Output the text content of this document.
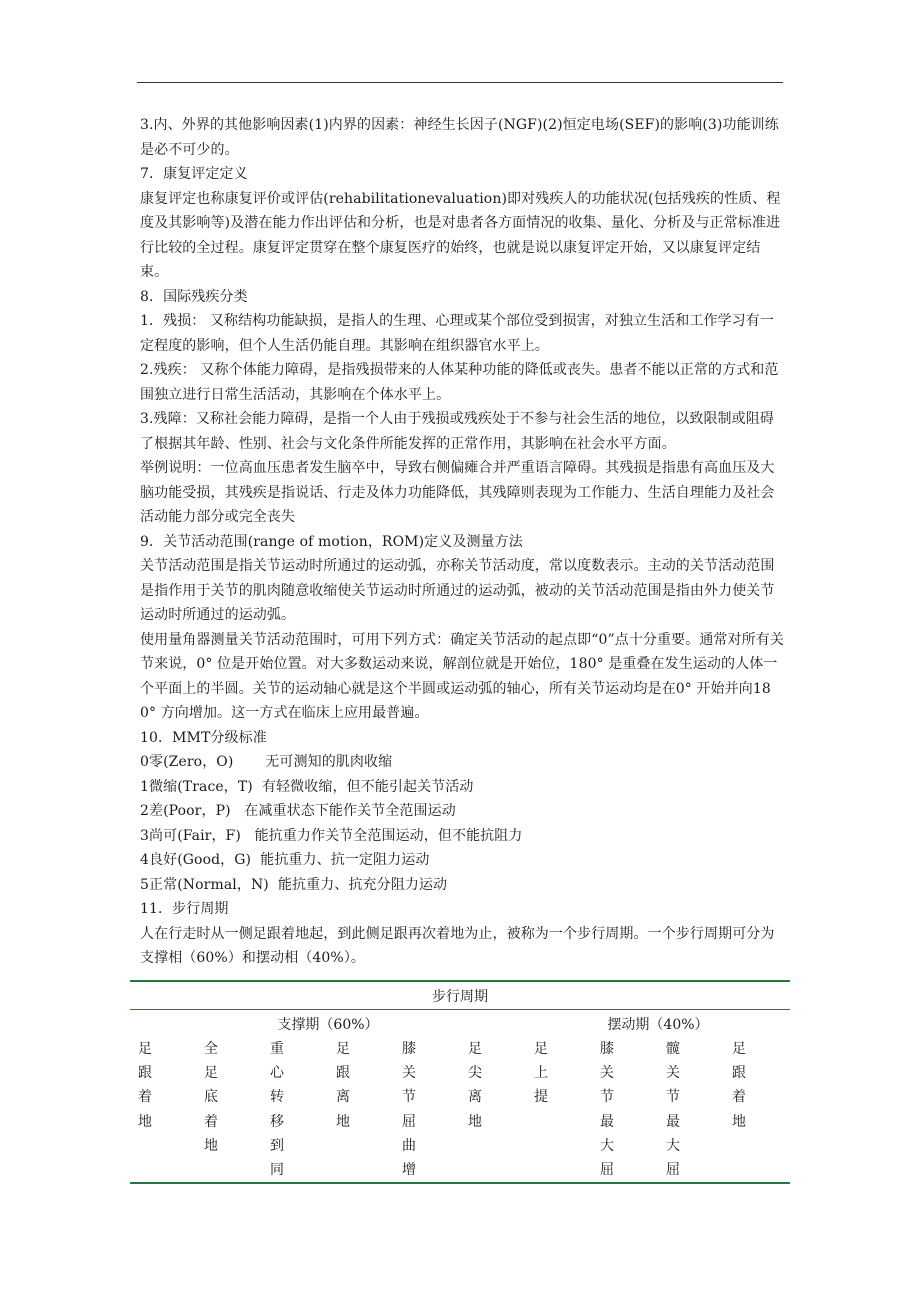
3.内、外界的其他影响因素(1)内界的因素：神经生长因子(NGF)(2)恒定电场(SEF)的影响(3)功能训练是必不可少的。

7．康复评定定义

康复评定也称康复评价或评估(rehabilitationevaluation)即对残疾人的功能状况(包括残疾的性质、程度及其影响等)及潜在能力作出评估和分析，也是对患者各方面情况的收集、量化、分析及与正常标准进行比较的全过程。康复评定贯穿在整个康复医疗的始终，也就是说以康复评定开始，又以康复评定结束。

8．国际残疾分类

1．残损： 又称结构功能缺损，是指人的生理、心理或某个部位受到损害，对独立生活和工作学习有一定程度的影响，但个人生活仍能自理。其影响在组织器官水平上。

2.残疾： 又称个体能力障碍，是指残损带来的人体某种功能的降低或丧失。患者不能以正常的方式和范围独立进行日常生活活动，其影响在个体水平上。

3.残障：又称社会能力障碍，是指一个人由于残损或残疾处于不参与社会生活的地位，以致限制或阻碍了根据其年龄、性别、社会与文化条件所能发挥的正常作用，其影响在社会水平方面。

举例说明：一位高血压患者发生脑卒中，导致右侧偏瘫合并严重语言障碍。其残损是指患有高血压及大脑功能受损，其残疾是指说话、行走及体力功能降低，其残障则表现为工作能力、生活自理能力及社会活动能力部分或完全丧失

9．关节活动范围(range of motion，ROM)定义及测量方法

关节活动范围是指关节运动时所通过的运动弧，亦称关节活动度，常以度数表示。主动的关节活动范围是指作用于关节的肌肉随意收缩使关节运动时所通过的运动弧，被动的关节活动范围是指由外力使关节运动时所通过的运动弧。

使用量角器测量关节活动范围时，可用下列方式：确定关节活动的起点即“0”点十分重要。通常对所有关节来说，0° 位是开始位置。对大多数运动来说，解剖位就是开始位，180° 是重叠在发生运动的人体一个平面上的半圆。关节的运动轴心就是这个半圆或运动弧的轴心，所有关节运动均是在0° 开始并向180° 方向增加。这一方式在临床上应用最普遍。

10．MMT分级标准

0零(Zero，O)       无可测知的肌肉收缩

1微缩(Trace，T)  有轻微收缩，但不能引起关节活动

2差(Poor，P)   在减重状态下能作关节全范围运动

3尚可(Fair，F)   能抗重力作关节全范围运动，但不能抗阻力

4良好(Good，G)  能抗重力、抗一定阻力运动

5正常(Normal，N)  能抗重力、抗充分阻力运动

11．步行周期

人在行走时从一侧足跟着地起，到此侧足跟再次着地为止，被称为一个步行周期。一个步行周期可分为支撑相（60%）和摆动相（40%）。

步行周期									
支撑期（60%）						摆动期（40%）			

足跟着地	全足底着地	重心转移到同	足跟离地	膝关节屈曲增	足尖离地	足上提	膝关节最大屈	髋关节最大屈	足跟着地
